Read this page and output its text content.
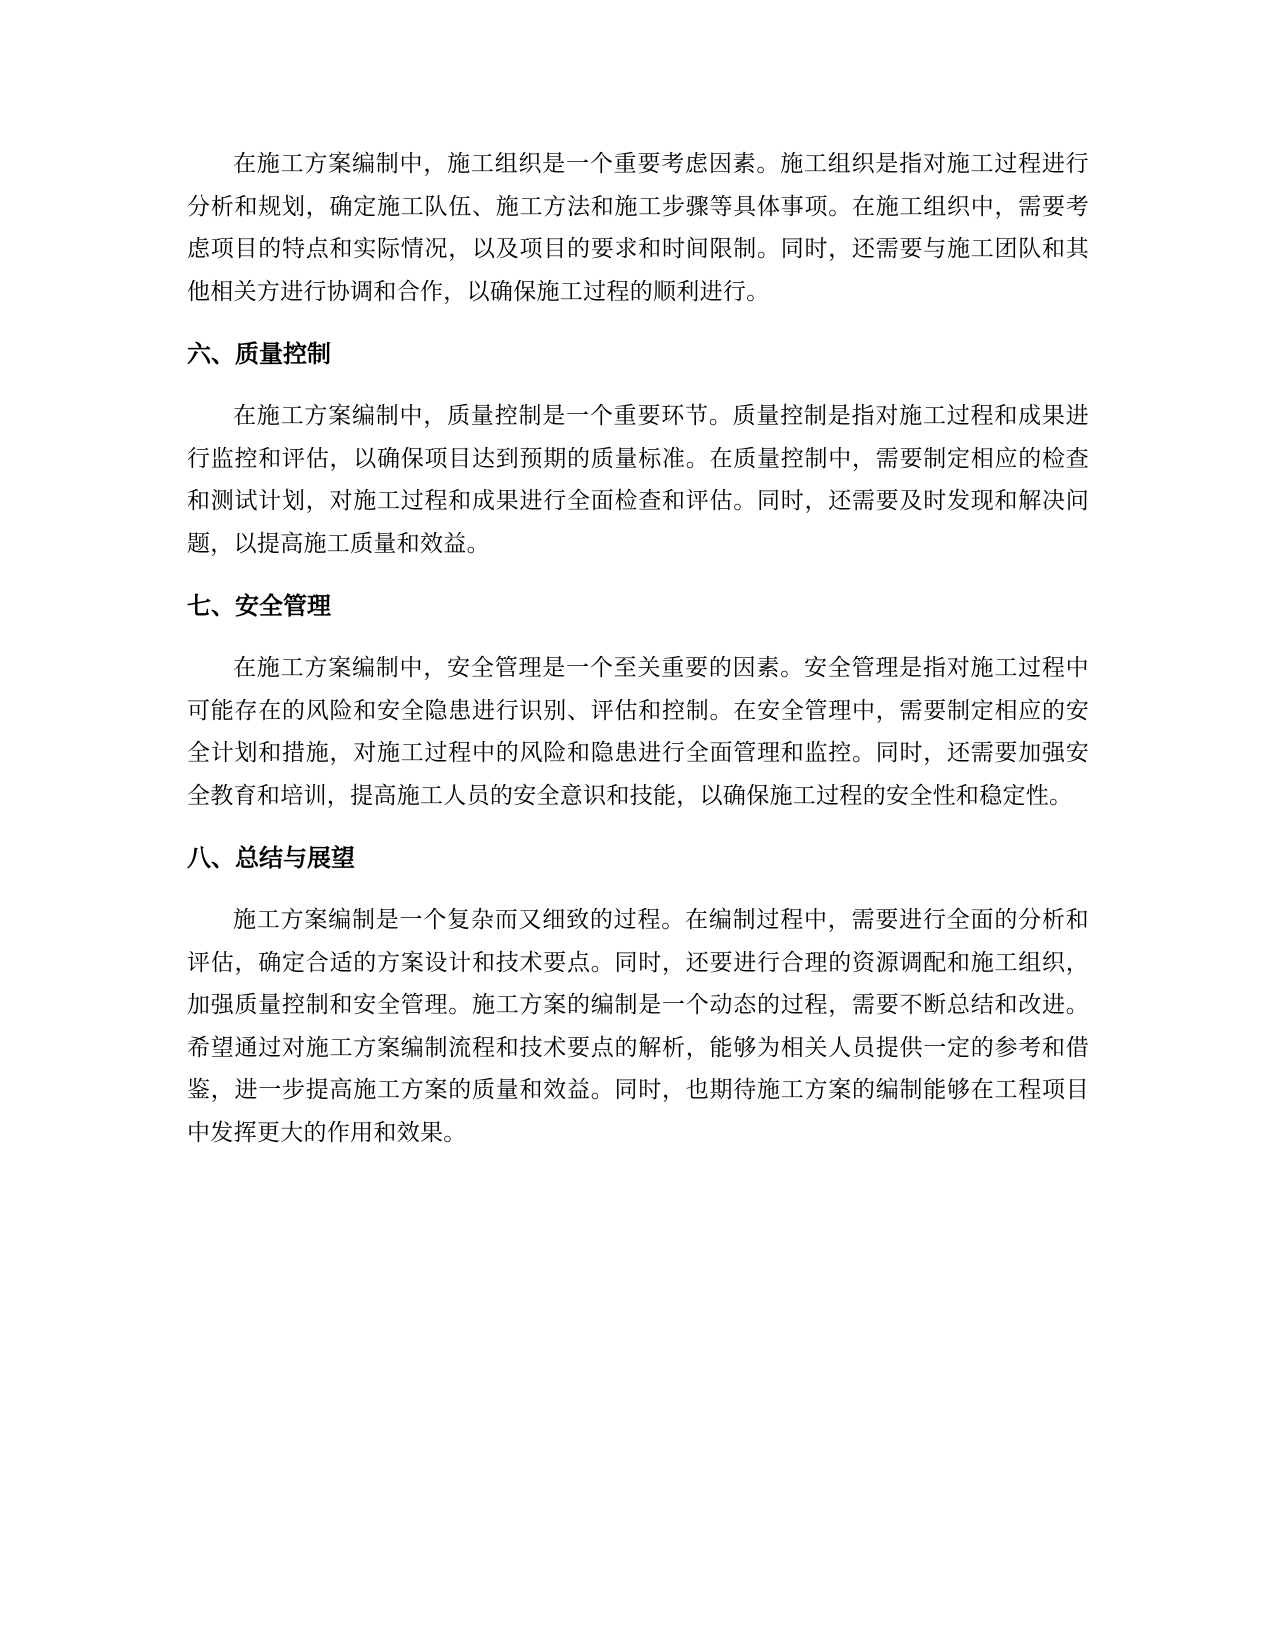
在施工方案编制中，施工组织是一个重要考虑因素。施工组织是指对施工过程进行分析和规划，确定施工队伍、施工方法和施工步骤等具体事项。在施工组织中，需要考虑项目的特点和实际情况，以及项目的要求和时间限制。同时，还需要与施工团队和其他相关方进行协调和合作，以确保施工过程的顺利进行。

六、质量控制

在施工方案编制中，质量控制是一个重要环节。质量控制是指对施工过程和成果进行监控和评估，以确保项目达到预期的质量标准。在质量控制中，需要制定相应的检查和测试计划，对施工过程和成果进行全面检查和评估。同时，还需要及时发现和解决问题，以提高施工质量和效益。

七、安全管理

在施工方案编制中，安全管理是一个至关重要的因素。安全管理是指对施工过程中可能存在的风险和安全隐患进行识别、评估和控制。在安全管理中，需要制定相应的安全计划和措施，对施工过程中的风险和隐患进行全面管理和监控。同时，还需要加强安全教育和培训，提高施工人员的安全意识和技能，以确保施工过程的安全性和稳定性。

八、总结与展望

施工方案编制是一个复杂而又细致的过程。在编制过程中，需要进行全面的分析和评估，确定合适的方案设计和技术要点。同时，还要进行合理的资源调配和施工组织，加强质量控制和安全管理。施工方案的编制是一个动态的过程，需要不断总结和改进。希望通过对施工方案编制流程和技术要点的解析，能够为相关人员提供一定的参考和借鉴，进一步提高施工方案的质量和效益。同时，也期待施工方案的编制能够在工程项目中发挥更大的作用和效果。
